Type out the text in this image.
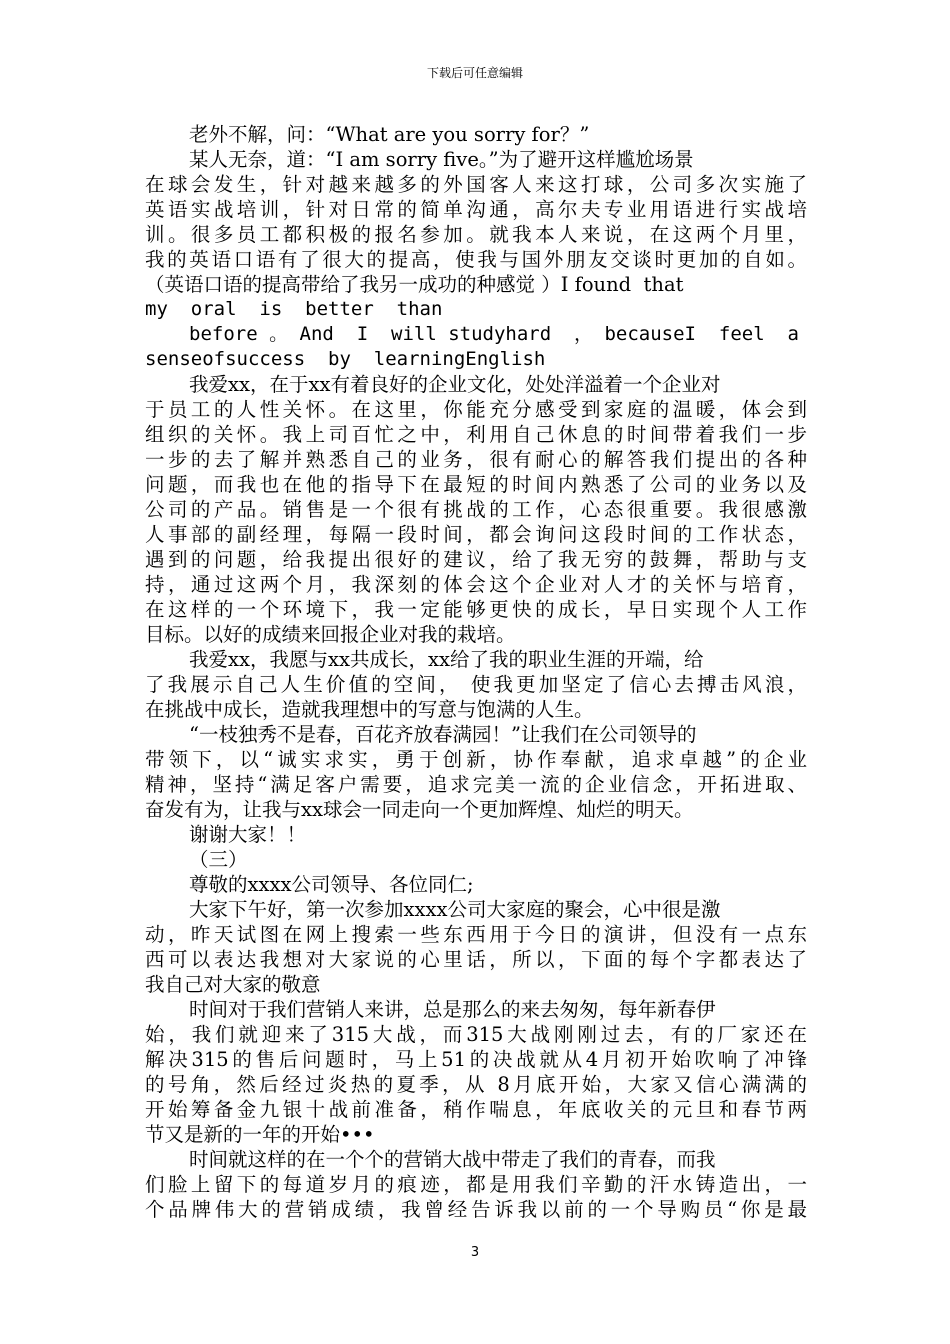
下载后可任意编辑
老外不解，问：“What are you sorry for？”
某人无奈，道：“I am sorry five。”为了避开这样尴尬场景
在球会发生，针对越来越多的外国客人来这打球，公司多次实施了
英语实战培训，针对日常的简单沟通，高尔夫专业用语进行实战培
训。很多员工都积极的报名参加。就我本人来说，在这两个月里，
我的英语口语有了很大的提高，使我与国外朋友交谈时更加的自如。
（英语口语的提高带给了我另一成功的种感觉 ）I found  that
my  oral  is  better  than
before 。 And  I  will studyhard  ， becauseI  feel  a
senseofsuccess  by  learningEnglish
我爱xx，在于xx有着良好的企业文化，处处洋溢着一个企业对
于员工的人性关怀。在这里，你能充分感受到家庭的温暖，体会到
组织的关怀。我上司百忙之中，利用自己休息的时间带着我们一步
一步的去了解并熟悉自己的业务，很有耐心的解答我们提出的各种
问题，而我也在他的指导下在最短的时间内熟悉了公司的业务以及
公司的产品。销售是一个很有挑战的工作，心态很重要。我很感激
人事部的副经理，每隔一段时间，都会询问这段时间的工作状态，
遇到的问题，给我提出很好的建议，给了我无穷的鼓舞，帮助与支
持，通过这两个月，我深刻的体会这个企业对人才的关怀与培育，
在这样的一个环境下，我一定能够更快的成长，早日实现个人工作
目标。以好的成绩来回报企业对我的栽培。
我爱xx，我愿与xx共成长，xx给了我的职业生涯的开端，给
了我展示自己人生价值的空间， 使我更加坚定了信心去搏击风浪，
在挑战中成长，造就我理想中的写意与饱满的人生。
“一枝独秀不是春，百花齐放春满园！”让我们在公司领导的
带领下，以“诚实求实，勇于创新，协作奉献，追求卓越”的企业
精神，坚持“满足客户需要，追求完美一流的企业信念，开拓进取、
奋发有为，让我与xx球会一同走向一个更加辉煌、灿烂的明天。
谢谢大家！！
（三）
尊敬的xxxx公司领导、各位同仁;
大家下午好，第一次参加xxxx公司大家庭的聚会，心中很是激
动，昨天试图在网上搜索一些东西用于今日的演讲，但没有一点东
西可以表达我想对大家说的心里话，所以，下面的每个字都表达了
我自己对大家的敬意
时间对于我们营销人来讲，总是那么的来去匆匆，每年新春伊
始，我们就迎来了315大战，而315大战刚刚过去，有的厂家还在
解决315的售后问题时，马上51的决战就从4月初开始吹响了冲锋
的号角，然后经过炎热的夏季，从 8月底开始，大家又信心满满的
开始筹备金九银十战前准备，稍作喘息，年底收关的元旦和春节两
节又是新的一年的开始•••
时间就这样的在一个个的营销大战中带走了我们的青春，而我
们脸上留下的每道岁月的痕迹，都是用我们辛勤的汗水铸造出，一
个品牌伟大的营销成绩，我曾经告诉我以前的一个导购员“你是最
3
